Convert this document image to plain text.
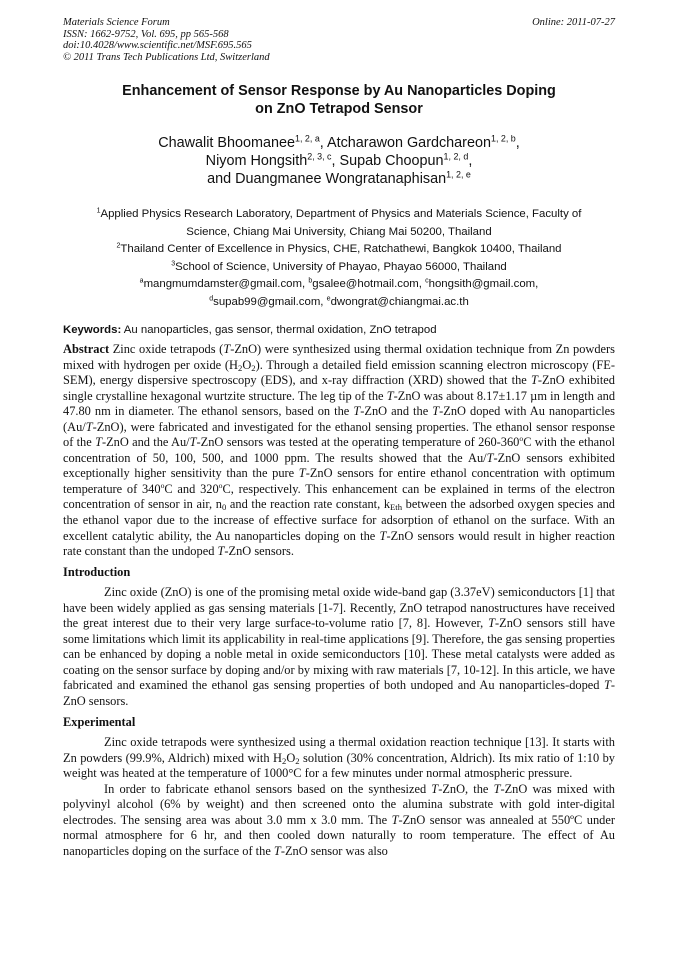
Materials Science Forum
ISSN: 1662-9752, Vol. 695, pp 565-568
doi:10.4028/www.scientific.net/MSF.695.565
© 2011 Trans Tech Publications Ltd, Switzerland
Online: 2011-07-27
Enhancement of Sensor Response by Au Nanoparticles Doping
on ZnO Tetrapod Sensor
Chawalit Bhoomanee$^{1, 2, a}$, Atcharawon Gardchareon$^{1, 2, b}$,
Niyom Hongsith$^{2, 3, c}$, Supab Choopun$^{1, 2, d}$,
and Duangmanee Wongratanaphisan$^{1, 2, e}$
$^1$Applied Physics Research Laboratory, Department of Physics and Materials Science, Faculty of
Science, Chiang Mai University, Chiang Mai 50200, Thailand
$^2$Thailand Center of Excellence in Physics, CHE, Ratchathewi, Bangkok 10400, Thailand
$^3$School of Science, University of Phayao, Phayao 56000, Thailand
$^a$mangmumdamster@gmail.com, $^b$gsalee@hotmail.com, $^c$hongsith@gmail.com,
$^d$supab99@gmail.com, $^e$dwongrat@chiangmai.ac.th
Keywords: Au nanoparticles, gas sensor, thermal oxidation, ZnO tetrapod

Abstract Zinc oxide tetrapods (T-ZnO) were synthesized using thermal oxidation technique from Zn powders mixed with hydrogen per oxide $(H_2O_2)$. Through a detailed field emission scanning electron microscopy (FE-SEM), energy dispersive spectroscopy (EDS), and x-ray diffraction (XRD) showed that the T-ZnO exhibited single crystalline hexagonal wurtzite structure. The leg tip of the T-ZnO was about 8.17±1.17 µm in length and 47.80 nm in diameter. The ethanol sensors, based on the T-ZnO and the T-ZnO doped with Au nanoparticles (Au/T-ZnO), were fabricated and investigated for the ethanol sensing properties. The ethanol sensor response of the T-ZnO and the Au/T-ZnO sensors was tested at the operating temperature of 260-360$^o$C with the ethanol concentration of 50, 100, 500, and 1000 ppm. The results showed that the Au/T-ZnO sensors exhibited exceptionally higher sensitivity than the pure T-ZnO sensors for entire ethanol concentration with optimum temperature of 340$^o$C and 320$^o$C, respectively. This enhancement can be explained in terms of the electron concentration of sensor in air, $n_0$ and the reaction rate constant, $k_{Eth}$ between the adsorbed oxygen species and the ethanol vapor due to the increase of effective surface for adsorption of ethanol on the surface. With an excellent catalytic ability, the Au nanoparticles doping on the T-ZnO sensors would result in higher reaction rate constant than the undoped T-ZnO sensors.

Introduction

Zinc oxide (ZnO) is one of the promising metal oxide wide-band gap (3.37eV) semiconductors [1] that have been widely applied as gas sensing materials [1-7]. Recently, ZnO tetrapod nanostructures have received the great interest due to their very large surface-to-volume ratio [7, 8]. However, T-ZnO sensors still have some limitations which limit its applicability in real-time applications [9]. Therefore, the gas sensing properties can be enhanced by doping a noble metal in oxide semiconductors [10]. These metal catalysts were added as coating on the sensor surface by doping and/or by mixing with raw materials [7, 10-12]. In this article, we have fabricated and examined the ethanol gas sensing properties of both undoped and Au nanoparticles-doped T-ZnO sensors.

Experimental

Zinc oxide tetrapods were synthesized using a thermal oxidation reaction technique [13]. It starts with Zn powders (99.9%, Aldrich) mixed with $H_2O_2$ solution (30% concentration, Aldrich). Its mix ratio of 1:10 by weight was heated at the temperature of 1000°C for a few minutes under normal atmospheric pressure.

In order to fabricate ethanol sensors based on the synthesized T-ZnO, the T-ZnO was mixed with polyvinyl alcohol (6% by weight) and then screened onto the alumina substrate with gold inter-digital electrodes. The sensing area was about 3.0 mm x 3.0 mm. The T-ZnO sensor was annealed at 550ºC under normal atmosphere for 6 hr, and then cooled down naturally to room temperature. The effect of Au nanoparticles doping on the surface of the T-ZnO sensor was also
